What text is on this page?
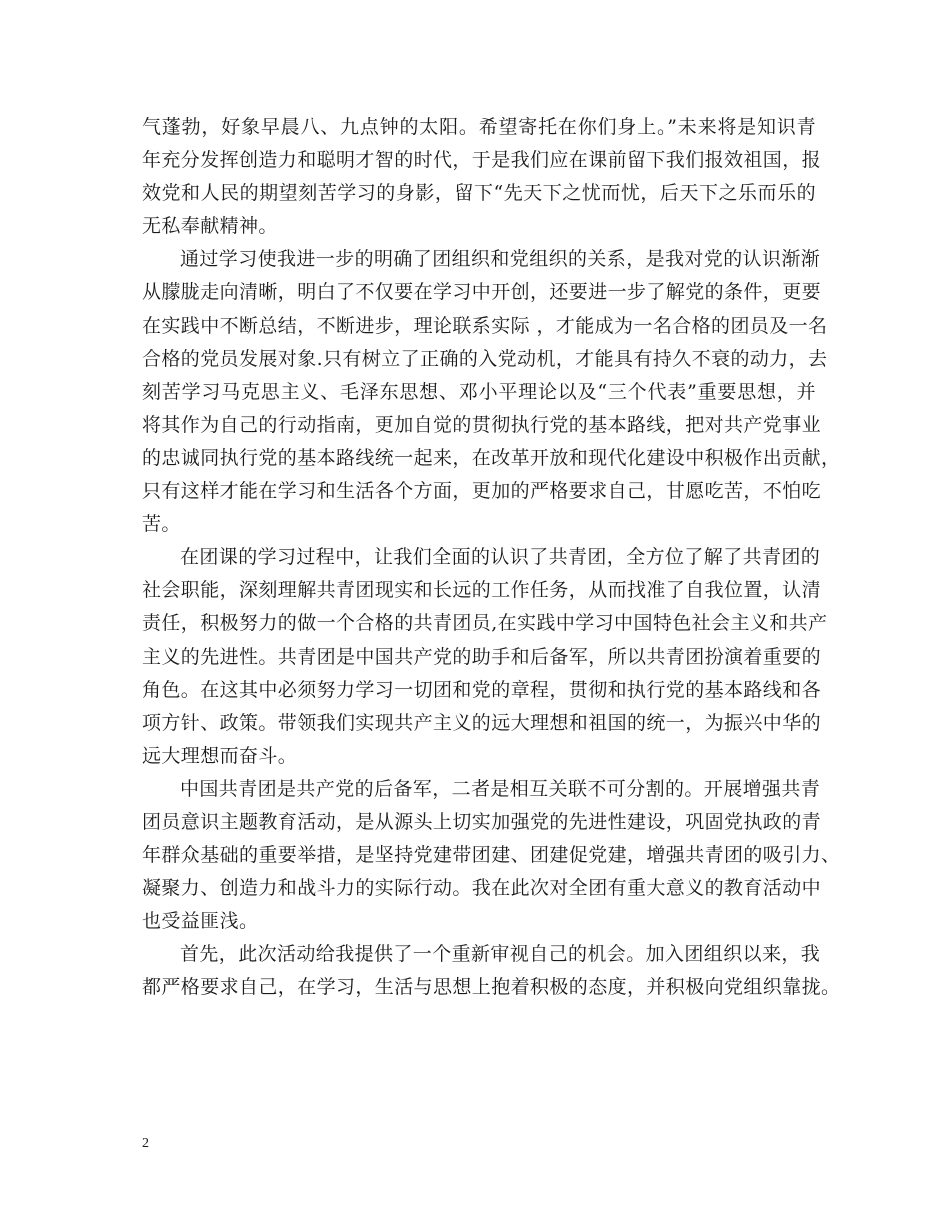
气蓬勃，好象早晨八、九点钟的太阳。希望寄托在你们身上。”未来将是知识青
年充分发挥创造力和聪明才智的时代，于是我们应在课前留下我们报效祖国，报
效党和人民的期望刻苦学习的身影，留下“先天下之忧而忧，后天下之乐而乐的
无私奉献精神。
通过学习使我进一步的明确了团组织和党组织的关系，是我对党的认识渐渐
从朦胧走向清晰，明白了不仅要在学习中开创，还要进一步了解党的条件，更要
在实践中不断总结，不断进步，理论联系实际 ，才能成为一名合格的团员及一名
合格的党员发展对象.只有树立了正确的入党动机，才能具有持久不衰的动力，去
刻苦学习马克思主义、毛泽东思想、邓小平理论以及“三个代表”重要思想，并
将其作为自己的行动指南，更加自觉的贯彻执行党的基本路线，把对共产党事业
的忠诚同执行党的基本路线统一起来，在改革开放和现代化建设中积极作出贡献，
只有这样才能在学习和生活各个方面，更加的严格要求自己，甘愿吃苦，不怕吃
苦。
在团课的学习过程中，让我们全面的认识了共青团，全方位了解了共青团的
社会职能，深刻理解共青团现实和长远的工作任务，从而找准了自我位置，认清
责任，积极努力的做一个合格的共青团员,在实践中学习中国特色社会主义和共产
主义的先进性。共青团是中国共产党的助手和后备军，所以共青团扮演着重要的
角色。在这其中必须努力学习一切团和党的章程，贯彻和执行党的基本路线和各
项方针、政策。带领我们实现共产主义的远大理想和祖国的统一，为振兴中华的
远大理想而奋斗。
中国共青团是共产党的后备军，二者是相互关联不可分割的。开展增强共青
团员意识主题教育活动，是从源头上切实加强党的先进性建设，巩固党执政的青
年群众基础的重要举措，是坚持党建带团建、团建促党建，增强共青团的吸引力、
凝聚力、创造力和战斗力的实际行动。我在此次对全团有重大意义的教育活动中
也受益匪浅。
首先，此次活动给我提供了一个重新审视自己的机会。加入团组织以来，我
都严格要求自己，在学习，生活与思想上抱着积极的态度，并积极向党组织靠拢。
2
